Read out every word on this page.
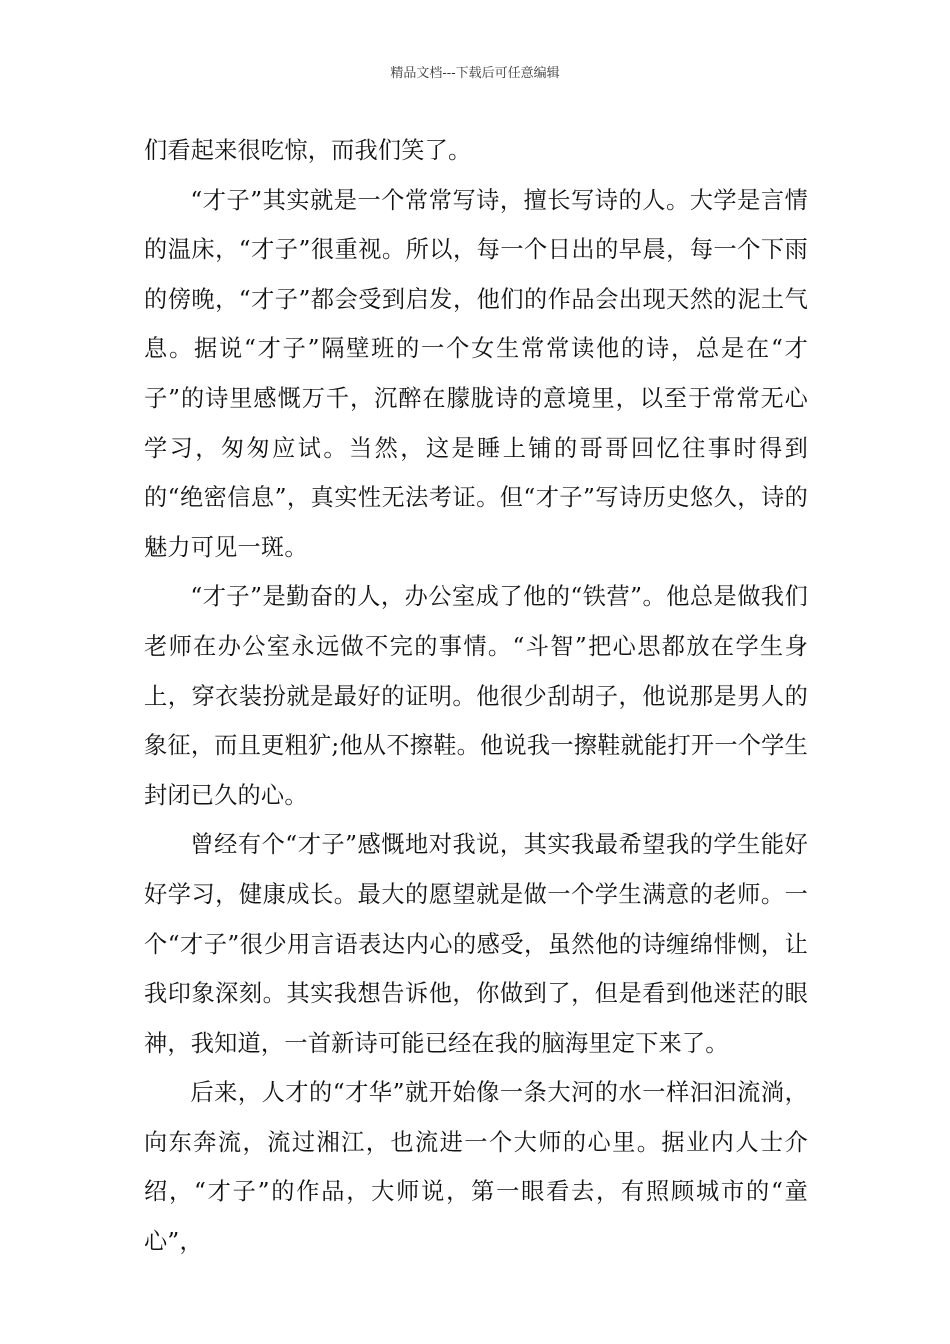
精品文档---下载后可任意编辑

们看起来很吃惊，而我们笑了。

“才子”其实就是一个常常写诗，擅长写诗的人。大学是言情的温床，“才子”很重视。所以，每一个日出的早晨，每一个下雨的傍晚，“才子”都会受到启发，他们的作品会出现天然的泥土气息。据说“才子”隔壁班的一个女生常常读他的诗，总是在“才子”的诗里感慨万千，沉醉在朦胧诗的意境里，以至于常常无心学习，匆匆应试。当然，这是睡上铺的哥哥回忆往事时得到的“绝密信息”，真实性无法考证。但“才子”写诗历史悠久，诗的魅力可见一斑。

“才子”是勤奋的人，办公室成了他的“铁营”。他总是做我们老师在办公室永远做不完的事情。“斗智”把心思都放在学生身上，穿衣装扮就是最好的证明。他很少刮胡子，他说那是男人的象征，而且更粗犷;他从不擦鞋。他说我一擦鞋就能打开一个学生封闭已久的心。

曾经有个“才子”感慨地对我说，其实我最希望我的学生能好好学习，健康成长。最大的愿望就是做一个学生满意的老师。一个“才子”很少用言语表达内心的感受，虽然他的诗缠绵悱恻，让我印象深刻。其实我想告诉他，你做到了，但是看到他迷茫的眼神，我知道，一首新诗可能已经在我的脑海里定下来了。

后来，人才的“才华”就开始像一条大河的水一样汩汩流淌，向东奔流，流过湘江，也流进一个大师的心里。据业内人士介绍，“才子”的作品，大师说，第一眼看去，有照顾城市的“童心”，
